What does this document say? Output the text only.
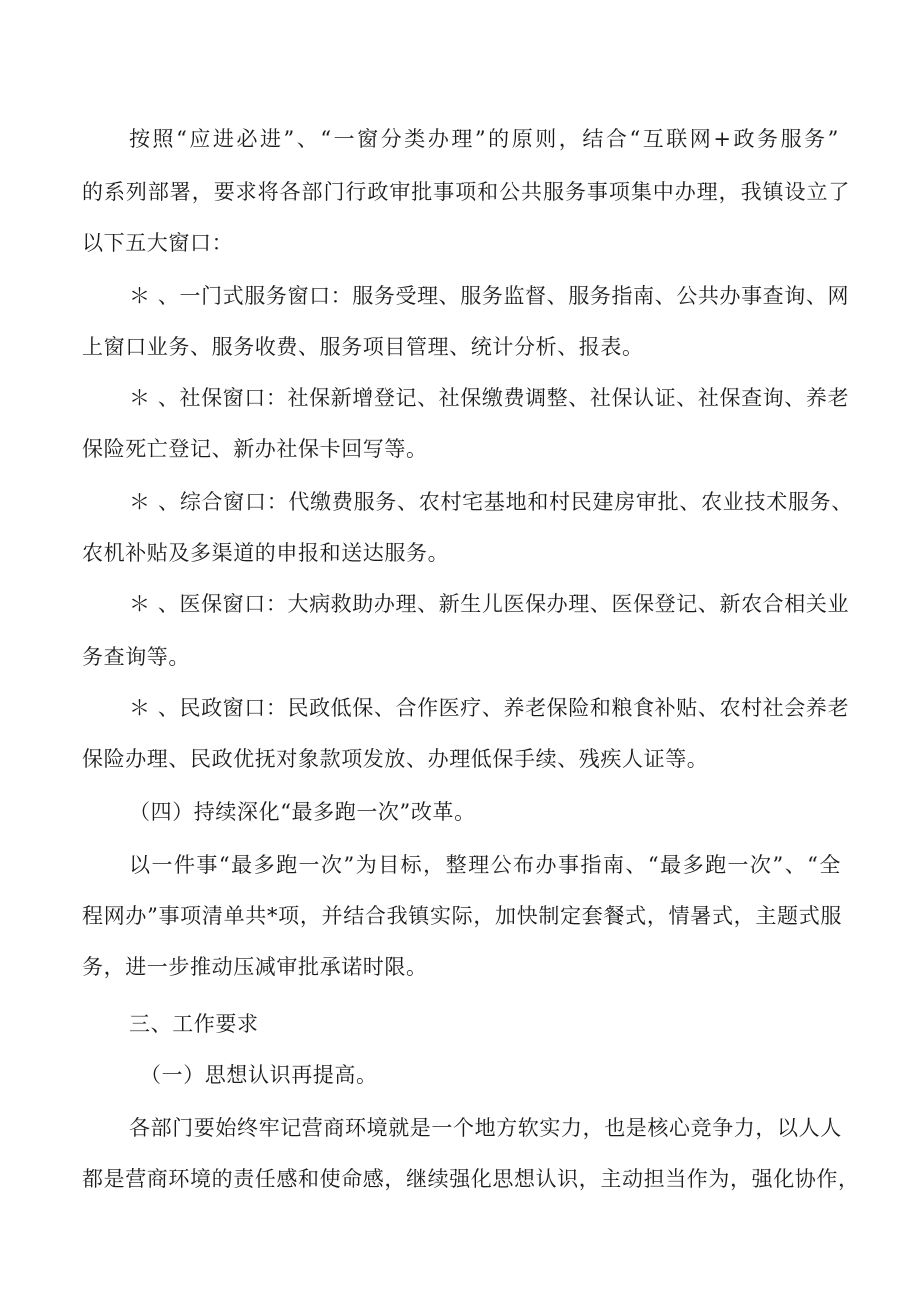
按照“应进必进”、“一窗分类办理”的原则，结合“互联网+政务服务”
的系列部署，要求将各部门行政审批事项和公共服务事项集中办理，我镇设立了
以下五大窗口：
＊ 、一门式服务窗口：服务受理、服务监督、服务指南、公共办事查询、网
上窗口业务、服务收费、服务项目管理、统计分析、报表。
＊ 、社保窗口：社保新增登记、社保缴费调整、社保认证、社保查询、养老
保险死亡登记、新办社保卡回写等。
＊ 、综合窗口：代缴费服务、农村宅基地和村民建房审批、农业技术服务、
农机补贴及多渠道的申报和送达服务。
＊ 、医保窗口：大病救助办理、新生儿医保办理、医保登记、新农合相关业
务查询等。
＊ 、民政窗口：民政低保、合作医疗、养老保险和粮食补贴、农村社会养老
保险办理、民政优抚对象款项发放、办理低保手续、残疾人证等。
（四）持续深化“最多跑一次”改革。
以一件事“最多跑一次”为目标，整理公布办事指南、“最多跑一次”、“全
程网办”事项清单共*项，并结合我镇实际，加快制定套餐式，情暑式，主题式服
务，进一步推动压减审批承诺时限。
三、工作要求
（一）思想认识再提高。
各部门要始终牢记营商环境就是一个地方软实力，也是核心竞争力，以人人
都是营商环境的责任感和使命感，继续强化思想认识，主动担当作为，强化协作，
